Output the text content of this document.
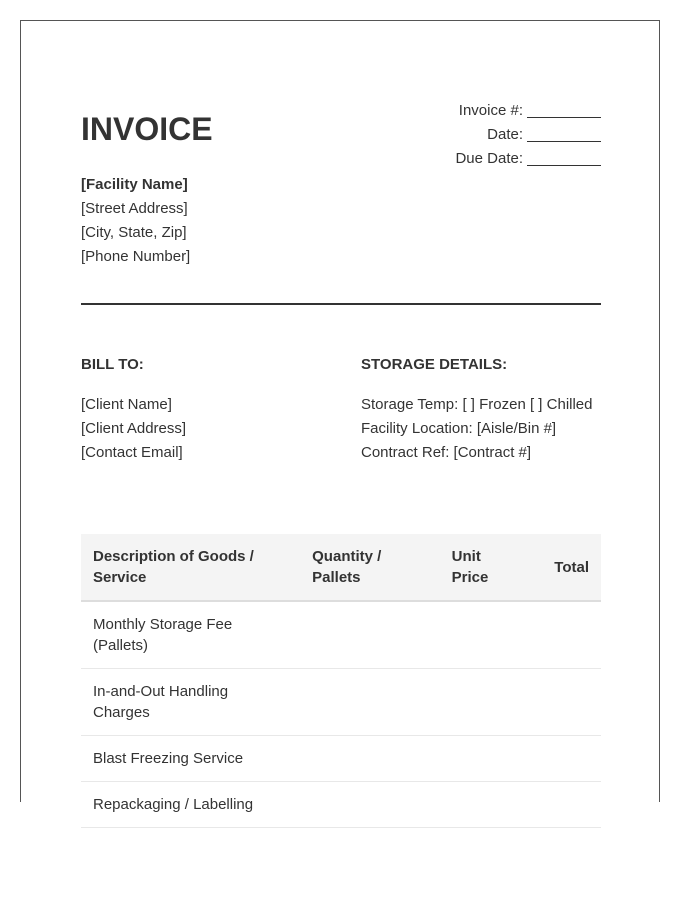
INVOICE
Invoice #:
Date:
Due Date:
[Facility Name]
[Street Address]
[City, State, Zip]
[Phone Number]
BILL TO:
[Client Name]
[Client Address]
[Contact Email]
STORAGE DETAILS:
Storage Temp: [ ] Frozen [ ] Chilled
Facility Location: [Aisle/Bin #]
Contract Ref: [Contract #]
Description of Goods / Service	Quantity / Pallets	Unit Price	Total
Monthly Storage Fee (Pallets)			
In-and-Out Handling Charges			
Blast Freezing Service			
Repackaging / Labelling			
